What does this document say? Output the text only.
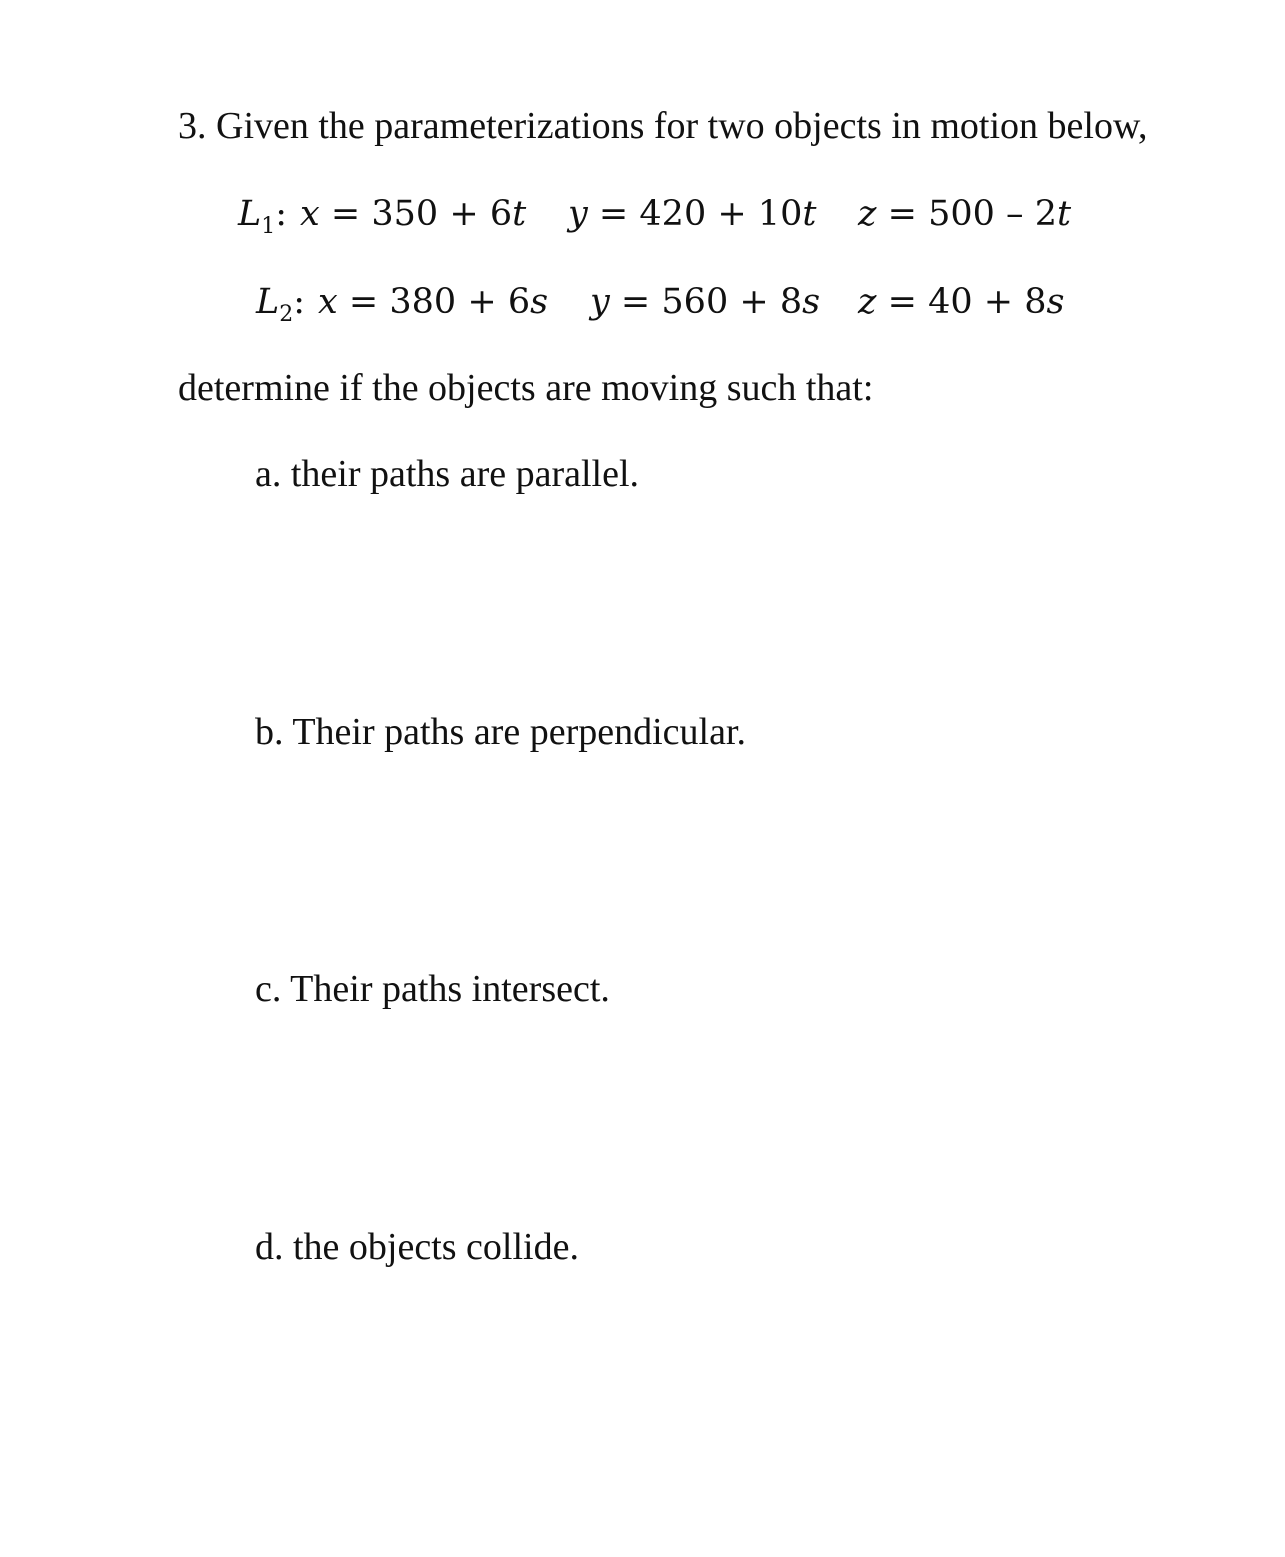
3. Given the parameterizations for two objects in motion below,
$L_1$: x = 350 + 6t y = 420 + 10t z = 500 – 2t
$L_2$: x = 380 + 6s y = 560 + 8s z = 40 + 8s
determine if the objects are moving such that:
a. their paths are parallel.
b. Their paths are perpendicular.
c. Their paths intersect.
d. the objects collide.
